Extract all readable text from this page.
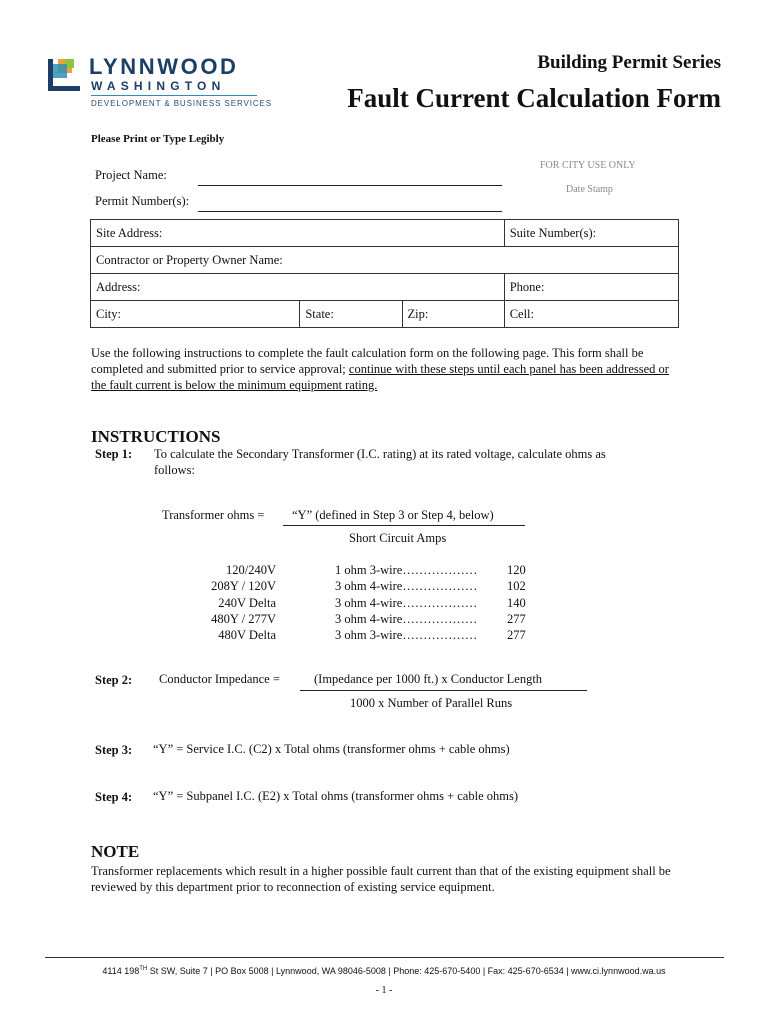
LYNNWOOD
WASHINGTON
DEVELOPMENT & BUSINESS SERVICES
Building Permit Series
Fault Current Calculation Form
Please Print or Type Legibly
Project Name:
Permit Number(s):
FOR CITY USE ONLY
Date Stamp
Site Address:			Suite Number(s):
Contractor or Property Owner Name:			
Address:			Phone:
City:	State:	Zip:	Cell:
Use the following instructions to complete the fault calculation form on the following page. This form shall be completed and submitted prior to service approval; continue with these steps until each panel has been addressed or the fault current is below the minimum equipment rating.
INSTRUCTIONS
Step 1: To calculate the Secondary Transformer (I.C. rating) at its rated voltage, calculate ohms as
follows:
Transformer ohms = “Y” (defined in Step 3 or Step 4, below)
Short Circuit Amps
120/240V	1 ohm 3-wire……………… 120
208Y / 120V	3 ohm 4-wire……………… 102
240V Delta	3 ohm 4-wire……………… 140
480Y / 277V	3 ohm 4-wire……………… 277
480V Delta	3 ohm 3-wire……………… 277
Step 2: Conductor Impedance =	(Impedance per 1000 ft.) x Conductor Length
1000 x Number of Parallel Runs
Step 3: “Y” = Service I.C. (C2) x Total ohms (transformer ohms + cable ohms)
Step 4: “Y” = Subpanel I.C. (E2) x Total ohms (transformer ohms + cable ohms)
NOTE
Transformer replacements which result in a higher possible fault current than that of the existing equipment shall be reviewed by this department prior to reconnection of existing service equipment.
4114 198TH St SW, Suite 7 | PO Box 5008 | Lynnwood, WA 98046-5008 | Phone: 425-670-5400 | Fax: 425-670-6534 | www.ci.lynnwood.wa.us
- 1 -
